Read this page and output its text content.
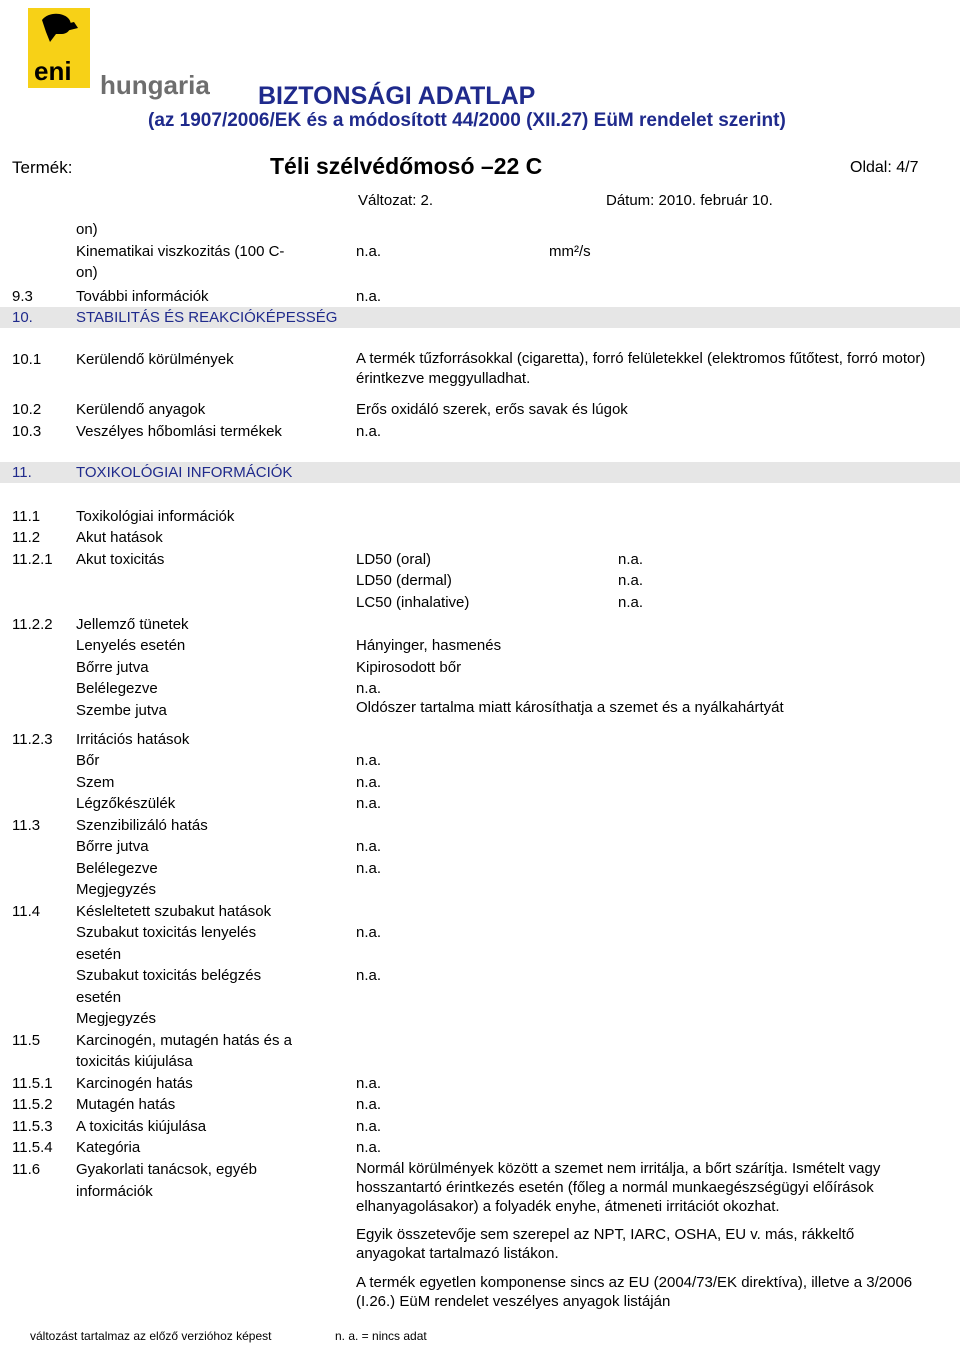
eni hungaria BIZTONSÁGI ADATLAP
(az 1907/2006/EK és a módosított 44/2000 (XII.27) EüM rendelet szerint)
Termék:	Téli szélvédőmosó –22 C	Oldal: 4/7
Változat: 2.	Dátum: 2010. február 10.
on)
Kinematikai viszkozitás (100 C-	n.a.	mm²/s
on)
9.3	További információk	n.a.
10.	STABILITÁS ÉS REAKCIÓKÉPESSÉG
10.1 Kerülendő körülmények	A termék tűzforrásokkal (cigaretta), forró felületekkel (elektromos fűtőtest, forró motor) érintkezve meggyulladhat.
10.2 Kerülendő anyagok	Erős oxidáló szerek, erős savak és lúgok
10.3 Veszélyes hőbomlási termékek	n.a.
11.	TOXIKOLÓGIAI INFORMÁCIÓK
11.1 Toxikológiai információk
11.2 Akut hatások
11.2.1 Akut toxicitás	LD50 (oral)	n.a.
LD50 (dermal)	n.a.
LC50 (inhalative)	n.a.
11.2.2 Jellemző tünetek
Lenyelés esetén	Hányinger, hasmenés
Bőrre jutva	Kipirosodott bőr
Belélegezve	n.a.
Szembe jutva	Oldószer tartalma miatt károsíthatja a szemet és a nyálkahártyát
11.2.3 Irritációs hatások
Bőr	n.a.
Szem	n.a.
Légzőkészülék	n.a.
11.3 Szenzibilizáló hatás
Bőrre jutva	n.a.
Belélegezve	n.a.
Megjegyzés
11.4 Késleltetett szubakut hatások
Szubakut toxicitás lenyelés	n.a.
esetén
Szubakut toxicitás belégzés	n.a.
esetén
Megjegyzés
11.5 Karcinogén, mutagén hatás és a
toxicitás kiújulása
11.5.1 Karcinogén hatás	n.a.
11.5.2 Mutagén hatás	n.a.
11.5.3 A toxicitás kiújulása	n.a.
11.5.4 Kategória	n.a.
11.6 Gyakorlati tanácsok, egyéb
információk
Normál körülmények között a szemet nem irritálja, a bőrt szárítja. Ismételt vagy hosszantartó érintkezés esetén (főleg a normál munkaegészségügyi előírások elhanyagolásakor) a folyadék enyhe, átmeneti irritációt okozhat.
Egyik összetevője sem szerepel az NPT, IARC, OSHA, EU v. más, rákkeltő anyagokat tartalmazó listákon.
A termék egyetlen komponense sincs az EU (2004/73/EK direktíva), illetve a 3/2006 (I.26.) EüM rendelet veszélyes anyagok listáján
változást tartalmaz az előző verzióhoz képest	n. a. = nincs adat
